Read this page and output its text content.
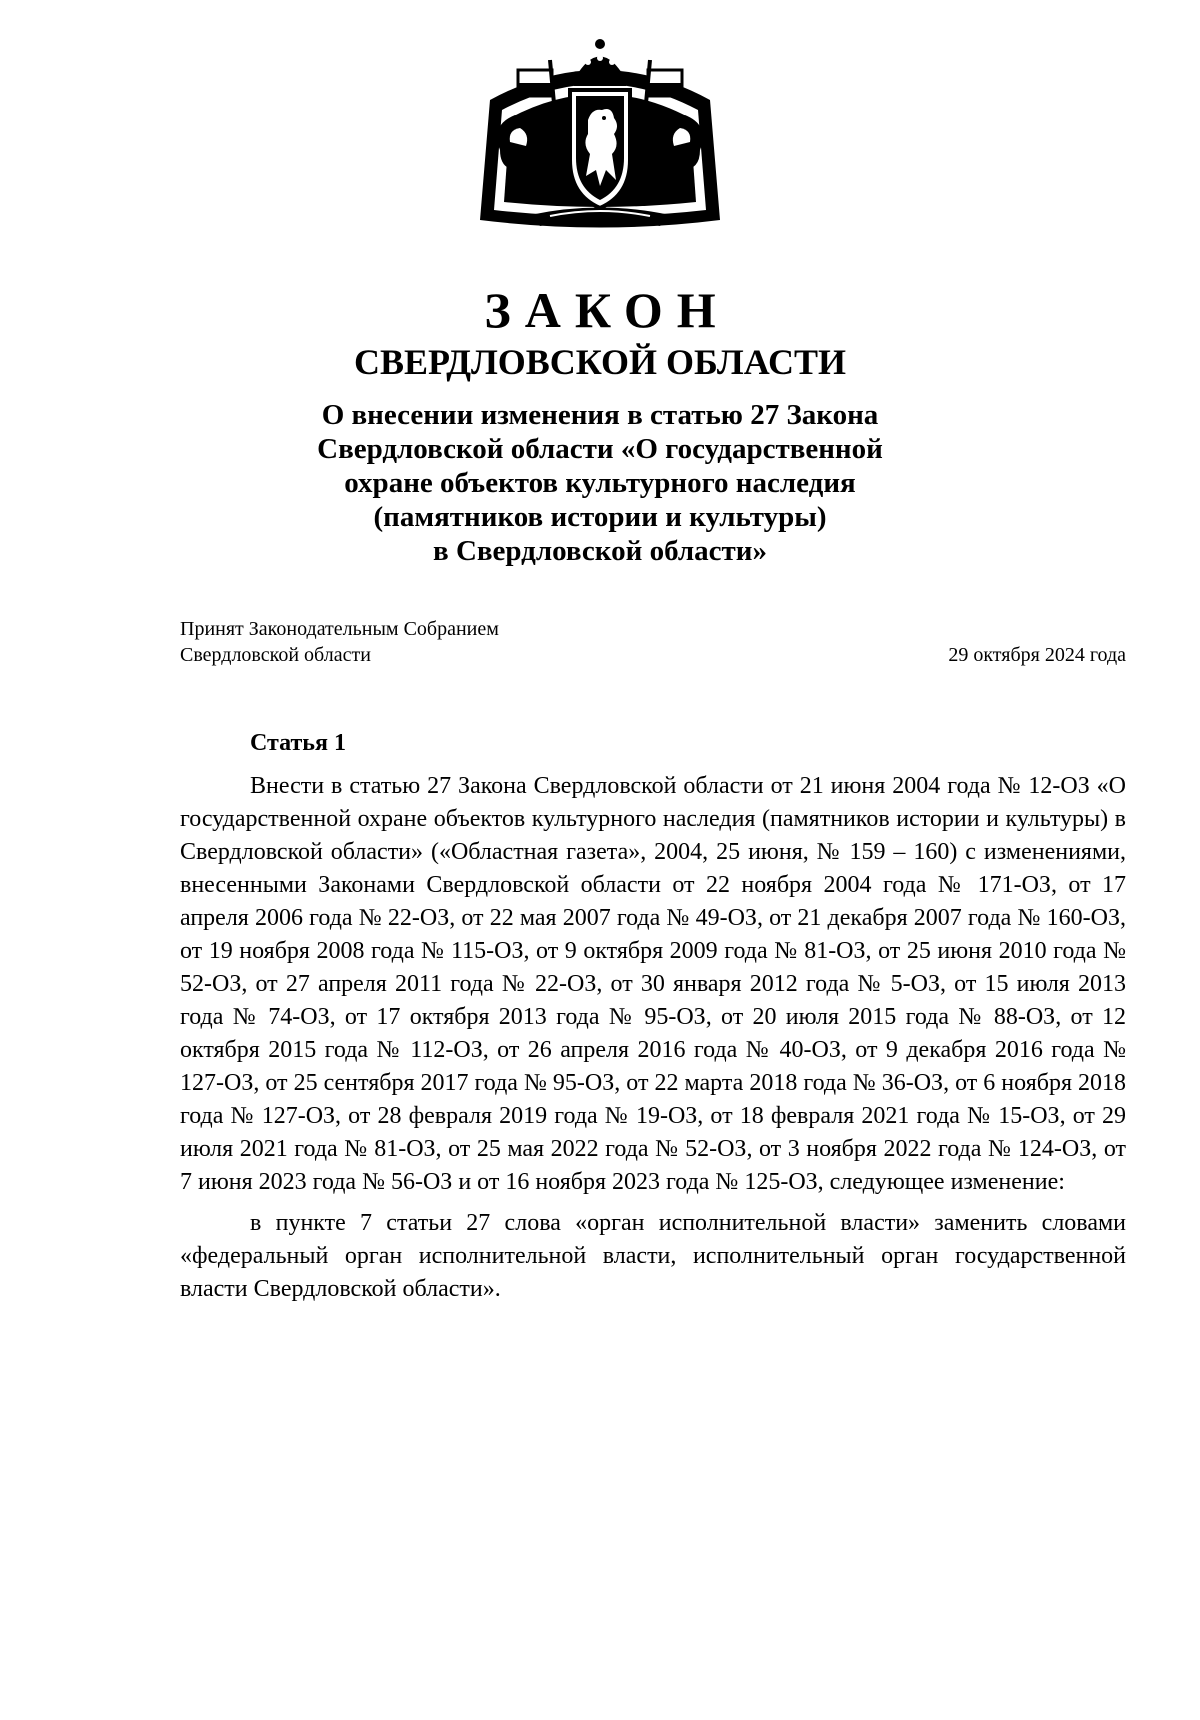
ЗАКОН
СВЕРДЛОВСКОЙ ОБЛАСТИ
О внесении изменения в статью 27 Закона
Свердловской области «О государственной
охране объектов культурного наследия
(памятников истории и культуры)
в Свердловской области»
Принят Законодательным Собранием
Свердловской области	29 октября 2024 года
Статья 1

Внести в статью 27 Закона Свердловской области от 21 июня 2004 года № 12-ОЗ «О государственной охране объектов культурного наследия (памятников истории и культуры) в Свердловской области» («Областная газета», 2004, 25 июня, № 159 – 160) с изменениями, внесенными Законами Свердловской области от 22 ноября 2004 года № 171-ОЗ, от 17 апреля 2006 года № 22-ОЗ, от 22 мая 2007 года № 49-ОЗ, от 21 декабря 2007 года № 160-ОЗ, от 19 ноября 2008 года № 115-ОЗ, от 9 октября 2009 года № 81-ОЗ, от 25 июня 2010 года № 52-ОЗ, от 27 апреля 2011 года № 22-ОЗ, от 30 января 2012 года № 5-ОЗ, от 15 июля 2013 года № 74-ОЗ, от 17 октября 2013 года № 95-ОЗ, от 20 июля 2015 года № 88-ОЗ, от 12 октября 2015 года № 112-ОЗ, от 26 апреля 2016 года № 40-ОЗ, от 9 декабря 2016 года № 127-ОЗ, от 25 сентября 2017 года № 95-ОЗ, от 22 марта 2018 года № 36-ОЗ, от 6 ноября 2018 года № 127-ОЗ, от 28 февраля 2019 года № 19-ОЗ, от 18 февраля 2021 года № 15-ОЗ, от 29 июля 2021 года № 81-ОЗ, от 25 мая 2022 года № 52-ОЗ, от 3 ноября 2022 года № 124-ОЗ, от 7 июня 2023 года № 56-ОЗ и от 16 ноября 2023 года № 125-ОЗ, следующее изменение:

в пункте 7 статьи 27 слова «орган исполнительной власти» заменить словами «федеральный орган исполнительной власти, исполнительный орган государственной власти Свердловской области».
